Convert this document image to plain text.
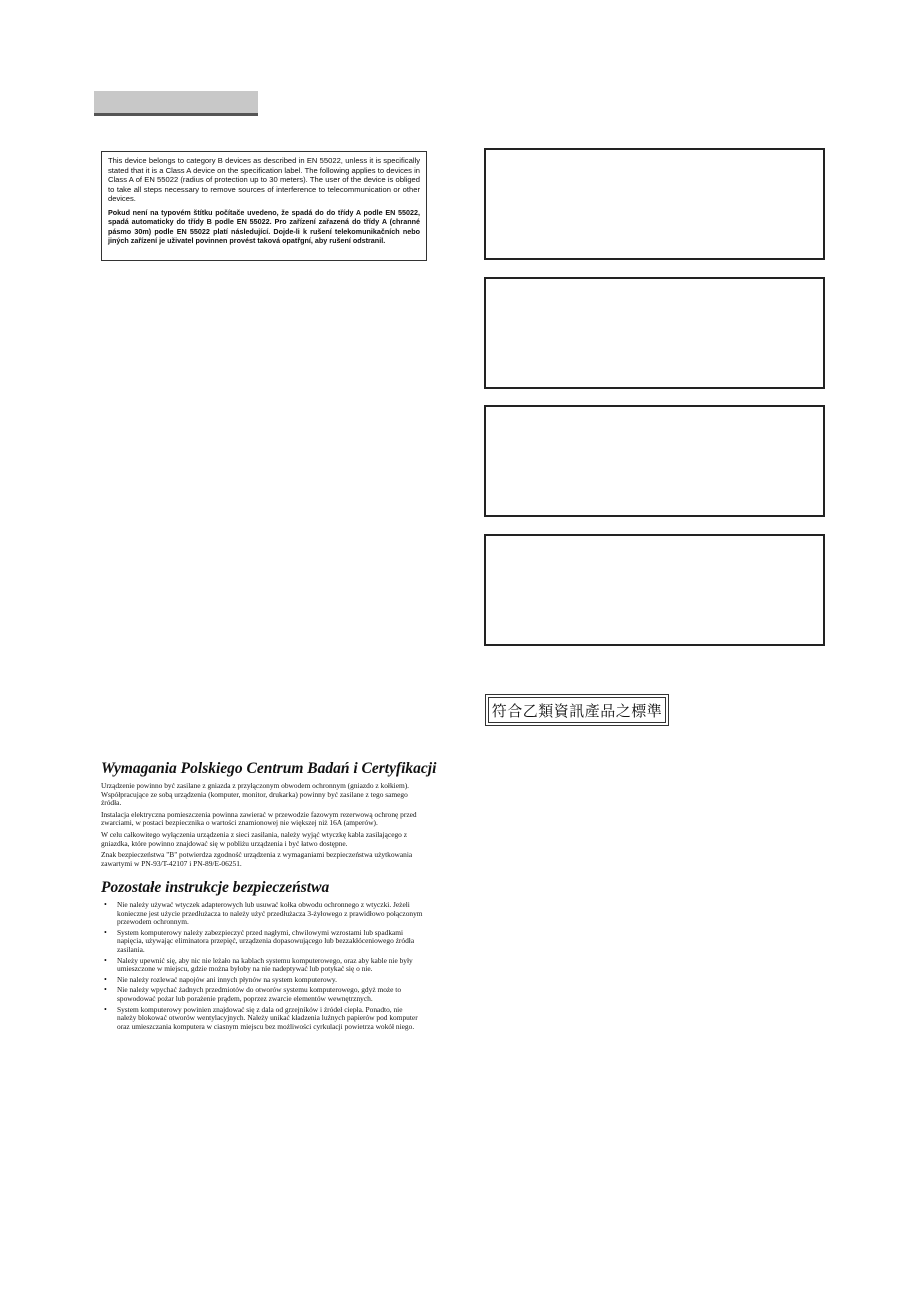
This device belongs to category B devices as described in EN 55022, unless it is specifically stated that it is a Class A device on the specification label. The following applies to devices in Class A of EN 55022 (radius of protection up to 30 meters). The user of the device is obliged to take all steps necessary to remove sources of interference to telecommunication or other devices.

Pokud není na typovém štítku počítače uvedeno, že spadá do do třídy A podle EN 55022, spadá automaticky do třídy B podle EN 55022. Pro zařízení zařazená do třídy A (chranné pásmo 30m) podle EN 55022 platí následující. Dojde-li k rušení telekomunikačních nebo jiných zařízení je uživatel povinnen provést taková opatřgní, aby rušení odstranil.

符合乙類資訊產品之標準
Wymagania Polskiego Centrum Badań i Certyfikacji

Urządzenie powinno być zasilane z gniazda z przyłączonym obwodem ochronnym (gniazdo z kołkiem). Współpracujące ze sobą urządzenia (komputer, monitor, drukarka) powinny być zasilane z tego samego źródła.

Instalacja elektryczna pomieszczenia powinna zawierać w przewodzie fazowym rezerwową ochronę przed zwarciami, w postaci bezpiecznika o wartości znamionowej nie większej niż 16A (amperów).

W celu całkowitego wyłączenia urządzenia z sieci zasilania, należy wyjąć wtyczkę kabla zasilającego z gniazdka, które powinno znajdować się w pobliżu urządzenia i być łatwo dostępne.

Znak bezpieczeństwa "B" potwierdza zgodność urządzenia z wymaganiami bezpieczeństwa użytkowania zawartymi w PN-93/T-42107 i PN-89/E-06251.

Pozostałe instrukcje bezpieczeństwa
• Nie należy używać wtyczek adapterowych lub usuwać kołka obwodu ochronnego z wtyczki. Jeżeli konieczne jest użycie przedłużacza to należy użyć przedłużacza 3-żyłowego z prawidłowo połączonym przewodem ochronnym.
• System komputerowy należy zabezpieczyć przed nagłymi, chwilowymi wzrostami lub spadkami napięcia, używając eliminatora przepięć, urządzenia dopasowującego lub bezzakłóceniowego źródła zasilania.
• Należy upewnić się, aby nic nie leżało na kablach systemu komputerowego, oraz aby kable nie były umieszczone w miejscu, gdzie można byłoby na nie nadeptywać lub potykać się o nie.
• Nie należy rozlewać napojów ani innych płynów na system komputerowy.
• Nie należy wpychać żadnych przedmiotów do otworów systemu komputerowego, gdyż może to spowodować pożar lub porażenie prądem, poprzez zwarcie elementów wewnętrznych.
• System komputerowy powinien znajdować się z dala od grzejników i źródeł ciepła. Ponadto, nie należy blokować otworów wentylacyjnych. Należy unikać kładzenia luźnych papierów pod komputer oraz umieszczania komputera w ciasnym miejscu bez możliwości cyrkulacji powietrza wokół niego.
